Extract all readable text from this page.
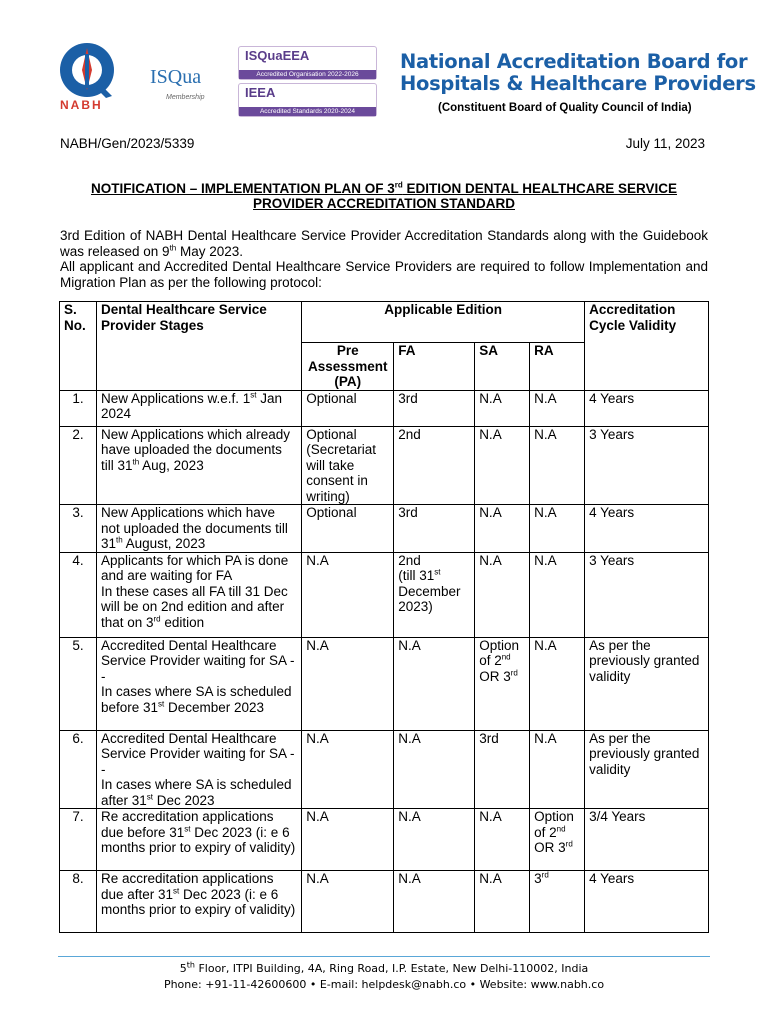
NABH
ISQua
Membership
ISQuaEEA
Accredited Organisation 2022-2026
IEEA
Accredited Standards 2020-2024
National Accreditation Board for
Hospitals & Healthcare Providers
(Constituent Board of Quality Council of India)
NABH/Gen/2023/5339	July 11, 2023
NOTIFICATION – IMPLEMENTATION PLAN OF 3rd EDITION DENTAL HEALTHCARE SERVICE PROVIDER ACCREDITATION STANDARD
3rd Edition of NABH Dental Healthcare Service Provider Accreditation Standards along with the Guidebook was released on 9th May 2023.
All applicant and Accredited Dental Healthcare Service Providers are required to follow Implementation and Migration Plan as per the following protocol:
S. No.	Dental Healthcare Service Provider Stages	Applicable Edition				Accreditation Cycle Validity
		Pre Assessment (PA)	FA	SA	RA	
1.	New Applications w.e.f. 1st Jan 2024	Optional	3rd	N.A	N.A	4 Years
2.	New Applications which already have uploaded the documents till 31th Aug, 2023	Optional (Secretariat will take consent in writing)	2nd	N.A	N.A	3 Years
3.	New Applications which have not uploaded the documents till 31th August, 2023	Optional	3rd	N.A	N.A	4 Years
4.	Applicants for which PA is done and are waiting for FA
In these cases all FA till 31 Dec will be on 2nd edition and after that on 3rd edition	N.A	2nd
(till 31st December 2023)	N.A	N.A	3 Years
5.	Accredited Dental Healthcare Service Provider waiting for SA --
In cases where SA is scheduled before 31st December 2023	N.A	N.A	Option of 2nd OR 3rd	N.A	As per the previously granted validity
6.	Accredited Dental Healthcare Service Provider waiting for SA --
In cases where SA is scheduled after 31st Dec 2023	N.A	N.A	3rd	N.A	As per the previously granted validity
7.	Re accreditation applications due before 31st Dec 2023 (i: e 6 months prior to expiry of validity)	N.A	N.A	N.A	Option of 2nd OR 3rd	3/4 Years
8.	Re accreditation applications due after 31st Dec 2023 (i: e 6 months prior to expiry of validity)	N.A	N.A	N.A	3rd	4 Years
5th Floor, ITPI Building, 4A, Ring Road, I.P. Estate, New Delhi-110002, India
Phone: +91-11-42600600 • E-mail: helpdesk@nabh.co • Website: www.nabh.co
